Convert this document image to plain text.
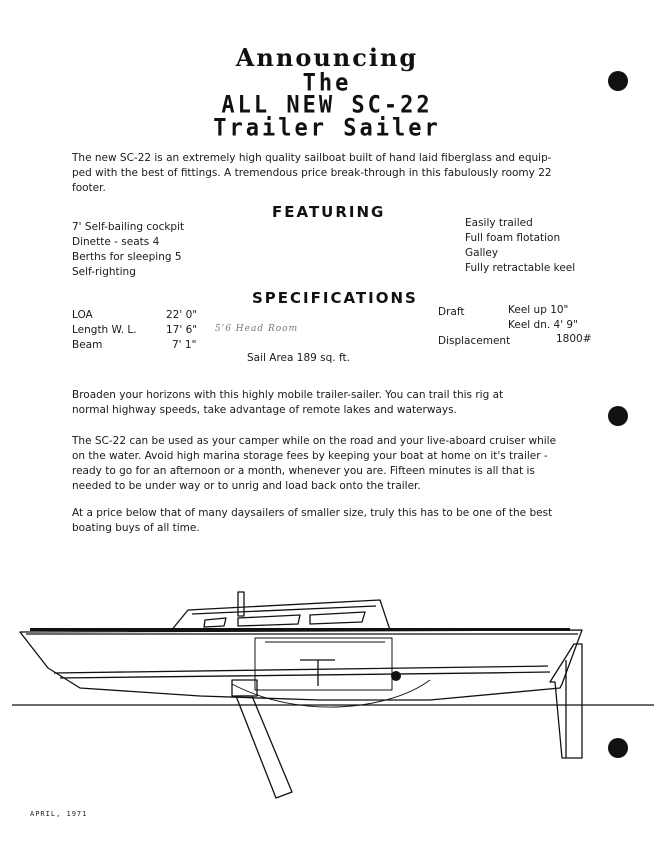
Announcing
The
ALL NEW SC-22
Trailer Sailer
The new SC-22 is an extremely high quality sailboat built of hand laid fiberglass and equip-
ped with the best of fittings. A tremendous price break-through in this fabulously roomy 22
footer.
FEATURING
7' Self-bailing cockpit
Dinette - seats 4
Berths for sleeping 5
Self-righting
Easily trailed
Full foam flotation
Galley
Fully retractable keel
SPECIFICATIONS
LOA	22' 0"
Length W. L.	17' 6" 5'6 Head Room
Beam	7' 1"
Sail Area 189 sq. ft.
Draft	Keel up 10"
Keel dn. 4' 9"
Displacement	1800#
Broaden your horizons with this highly mobile trailer-sailer. You can trail this rig at
normal highway speeds, take advantage of remote lakes and waterways.
The SC-22 can be used as your camper while on the road and your live-aboard cruiser while
on the water. Avoid high marina storage fees by keeping your boat at home on it's trailer -
ready to go for an afternoon or a month, whenever you are. Fifteen minutes is all that is
needed to be under way or to unrig and load back onto the trailer.
At a price below that of many daysailers of smaller size, truly this has to be one of the best
boating buys of all time.
APRIL, 1971
